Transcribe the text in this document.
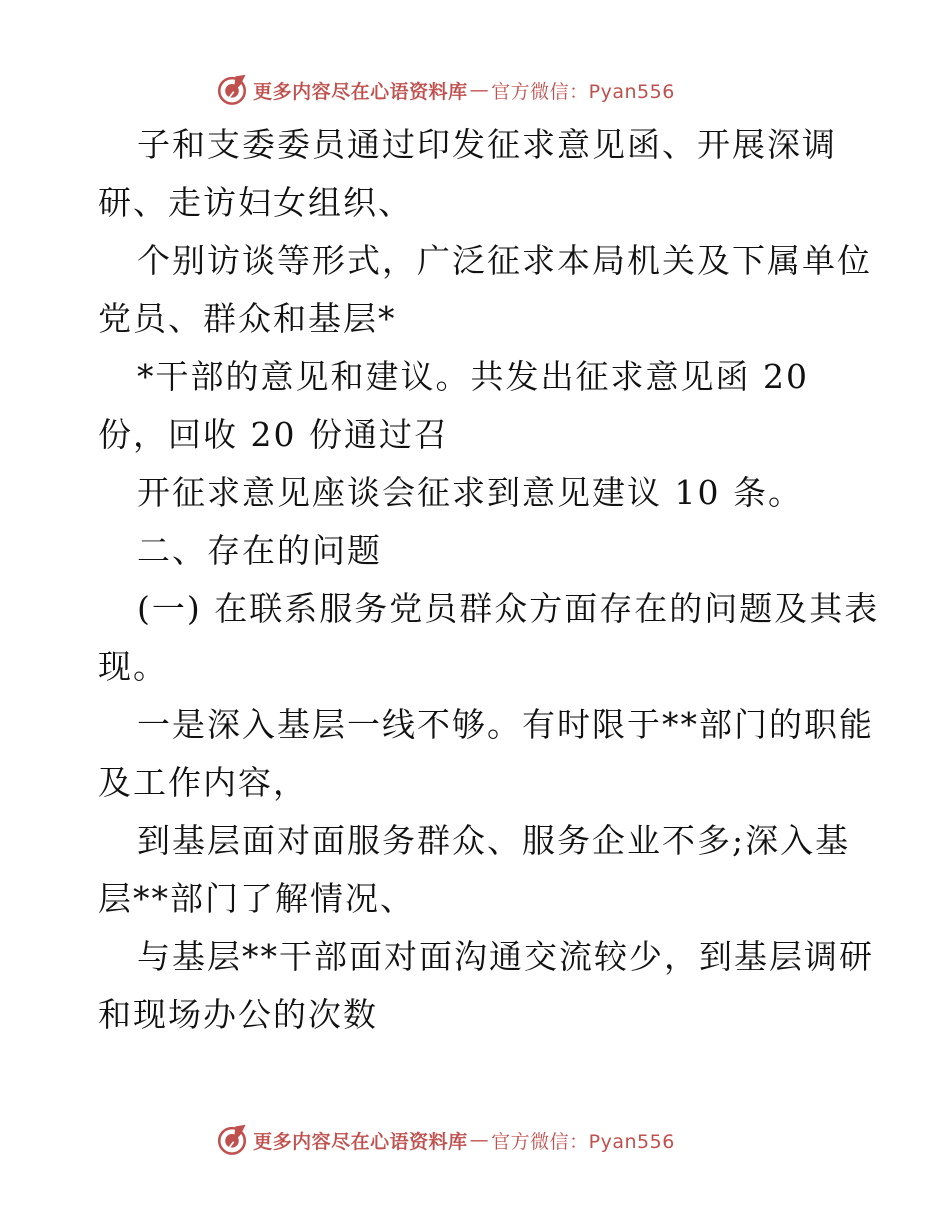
更多内容尽在心语资料库 — 官方微信：Pyan556
子和支委委员通过印发征求意见函、开展深调
研、走访妇女组织、
个别访谈等形式，广泛征求本局机关及下属单位
党员、群众和基层*
*干部的意见和建议。共发出征求意见函 20
份，回收 20 份通过召
开征求意见座谈会征求到意见建议 10 条。
二、存在的问题
(一) 在联系服务党员群众方面存在的问题及其表
现。
一是深入基层一线不够。有时限于**部门的职能
及工作内容，
到基层面对面服务群众、服务企业不多;深入基
层**部门了解情况、
与基层**干部面对面沟通交流较少，到基层调研
和现场办公的次数
更多内容尽在心语资料库 — 官方微信：Pyan556
